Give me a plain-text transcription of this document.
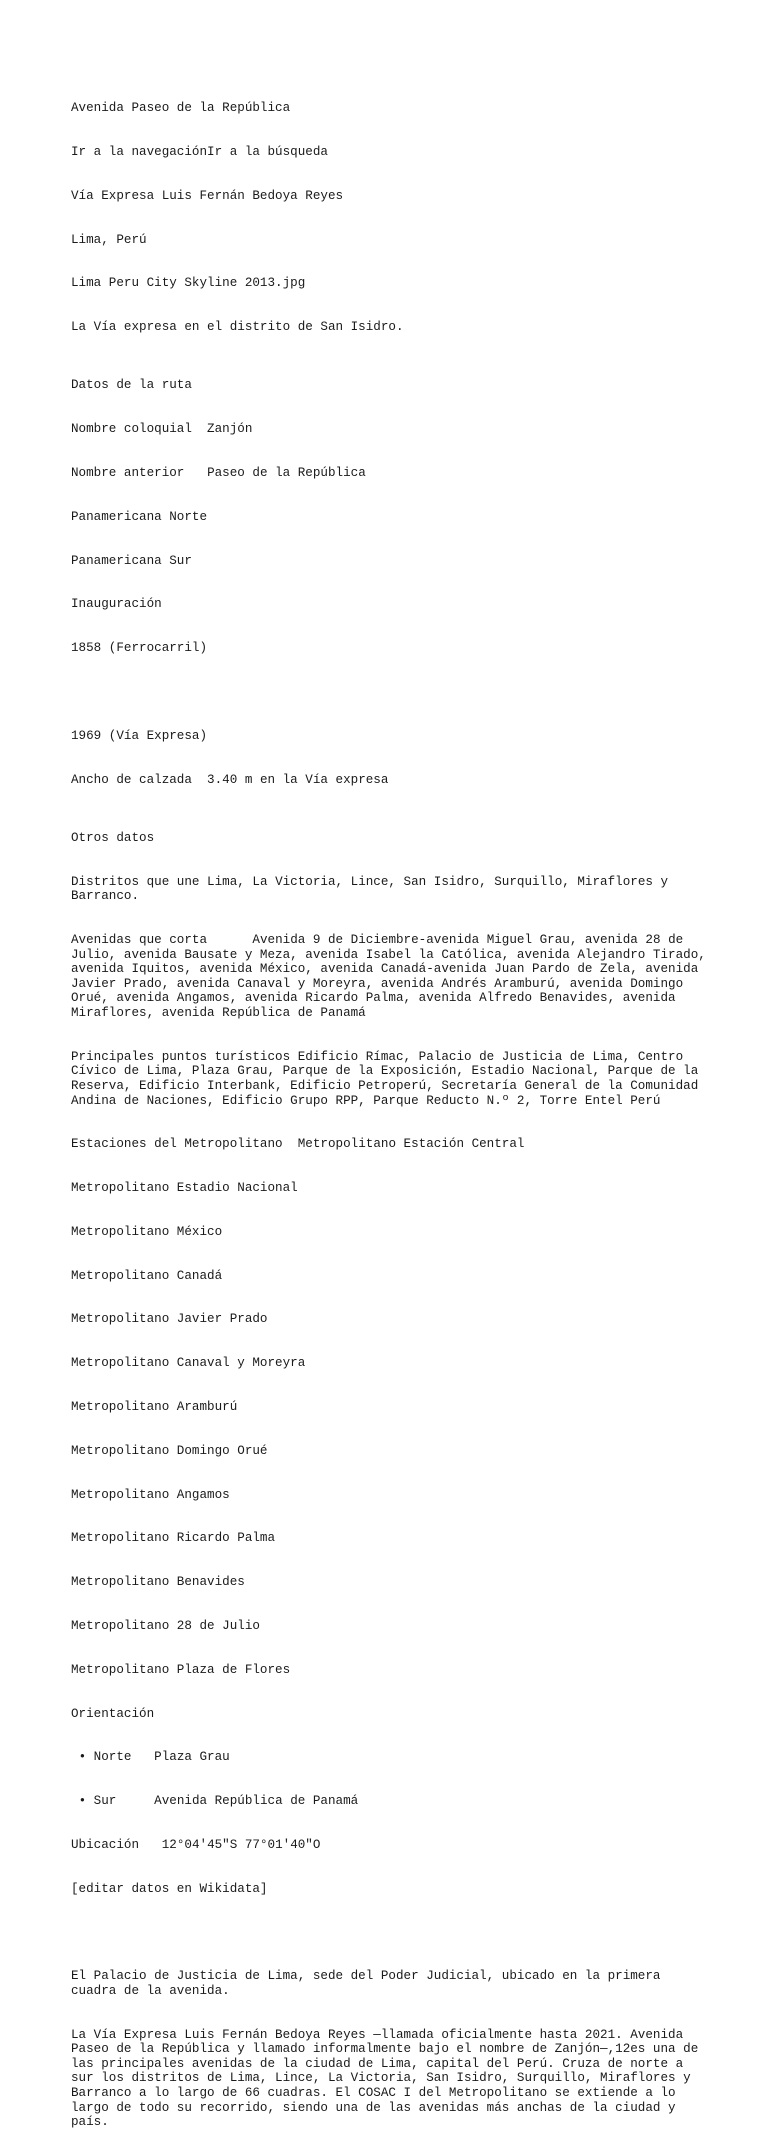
Avenida Paseo de la República

Ir a la navegaciónIr a la búsqueda

Vía Expresa Luis Fernán Bedoya Reyes

Lima, Perú

Lima Peru City Skyline 2013.jpg

La Vía expresa en el distrito de San Isidro.

Datos de la ruta

Nombre coloquial Zanjón

Nombre anterior Paseo de la República

Panamericana Norte

Panamericana Sur

Inauguración

1858 (Ferrocarril)

1969 (Vía Expresa)

Ancho de calzada 3.40 m en la Vía expresa

Otros datos

Distritos que une Lima, La Victoria, Lince, San Isidro, Surquillo, Miraflores y Barranco.

Avenidas que corta	Avenida 9 de Diciembre-avenida Miguel Grau, avenida 28 de Julio, avenida Bausate y Meza, avenida Isabel la Católica, avenida Alejandro Tirado, avenida Iquitos, avenida México, avenida Canadá-avenida Juan Pardo de Zela, avenida Javier Prado, avenida Canaval y Moreyra, avenida Andrés Aramburú, avenida Domingo Orué, avenida Angamos, avenida Ricardo Palma, avenida Alfredo Benavides, avenida Miraflores, avenida República de Panamá

Principales puntos turísticos Edificio Rímac, Palacio de Justicia de Lima, Centro Cívico de Lima, Plaza Grau, Parque de la Exposición, Estadio Nacional, Parque de la Reserva, Edificio Interbank, Edificio Petroperú, Secretaría General de la Comunidad Andina de Naciones, Edificio Grupo RPP, Parque Reducto N.º 2, Torre Entel Perú

Estaciones del Metropolitano Metropolitano Estación Central

Metropolitano Estadio Nacional

Metropolitano México

Metropolitano Canadá

Metropolitano Javier Prado

Metropolitano Canaval y Moreyra

Metropolitano Aramburú

Metropolitano Domingo Orué

Metropolitano Angamos

Metropolitano Ricardo Palma

Metropolitano Benavides

Metropolitano 28 de Julio

Metropolitano Plaza de Flores

Orientación

• Norte Plaza Grau

• Sur	Avenida República de Panamá

Ubicación 12°04′45″S 77°01′40″O

[editar datos en Wikidata]

El Palacio de Justicia de Lima, sede del Poder Judicial, ubicado en la primera cuadra de la avenida.

La Vía Expresa Luis Fernán Bedoya Reyes —llamada oficialmente hasta 2021. Avenida Paseo de la República y llamado informalmente bajo el nombre de Zanjón—,12es una de las principales avenidas de la ciudad de Lima, capital del Perú. Cruza de norte a sur los distritos de Lima, Lince, La Victoria, San Isidro, Surquillo, Miraflores y Barranco a lo largo de 66 cuadras. El COSAC I del Metropolitano se extiende a lo largo de todo su recorrido, siendo una de las avenidas más anchas de la ciudad y país.
